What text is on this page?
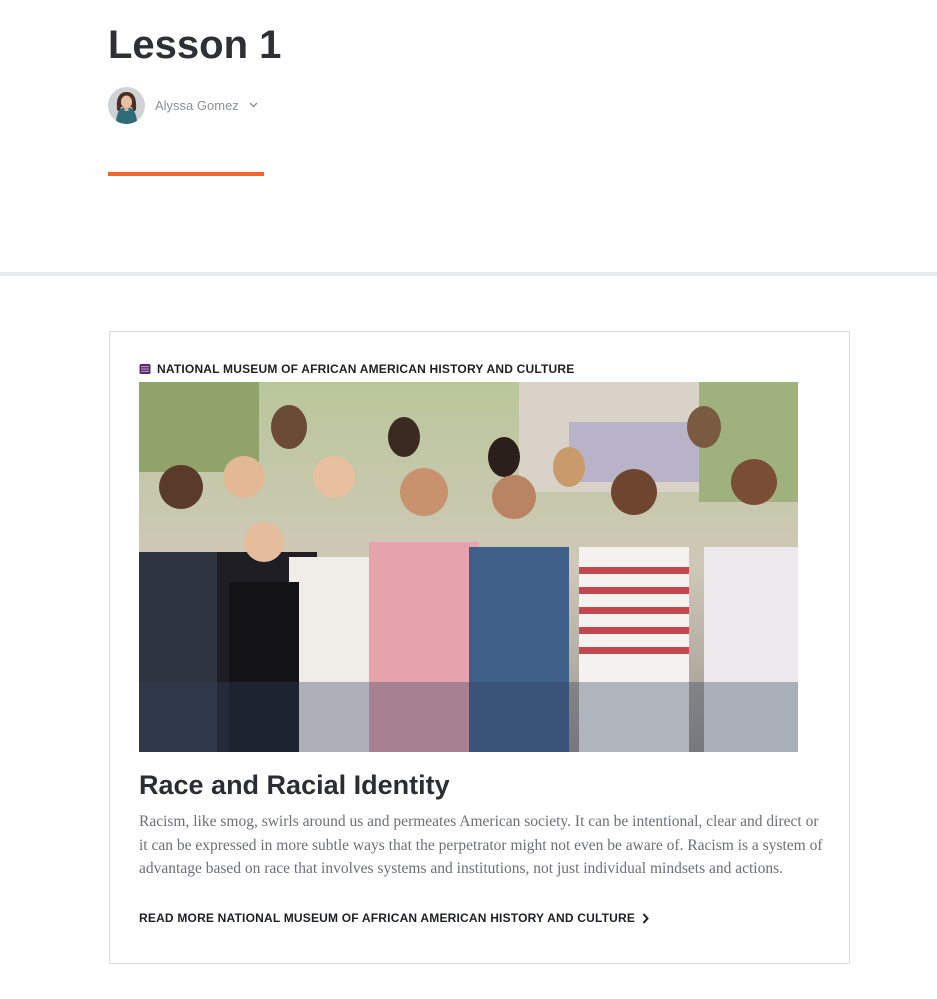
Lesson 1
Alyssa Gomez
NATIONAL MUSEUM OF AFRICAN AMERICAN HISTORY AND CULTURE
Race and Racial Identity

Racism, like smog, swirls around us and permeates American society. It can be intentional, clear and direct or it can be expressed in more subtle ways that the perpetrator might not even be aware of. Racism is a system of advantage based on race that involves systems and institutions, not just individual mindsets and actions.

READ MORE NATIONAL MUSEUM OF AFRICAN AMERICAN HISTORY AND CULTURE
